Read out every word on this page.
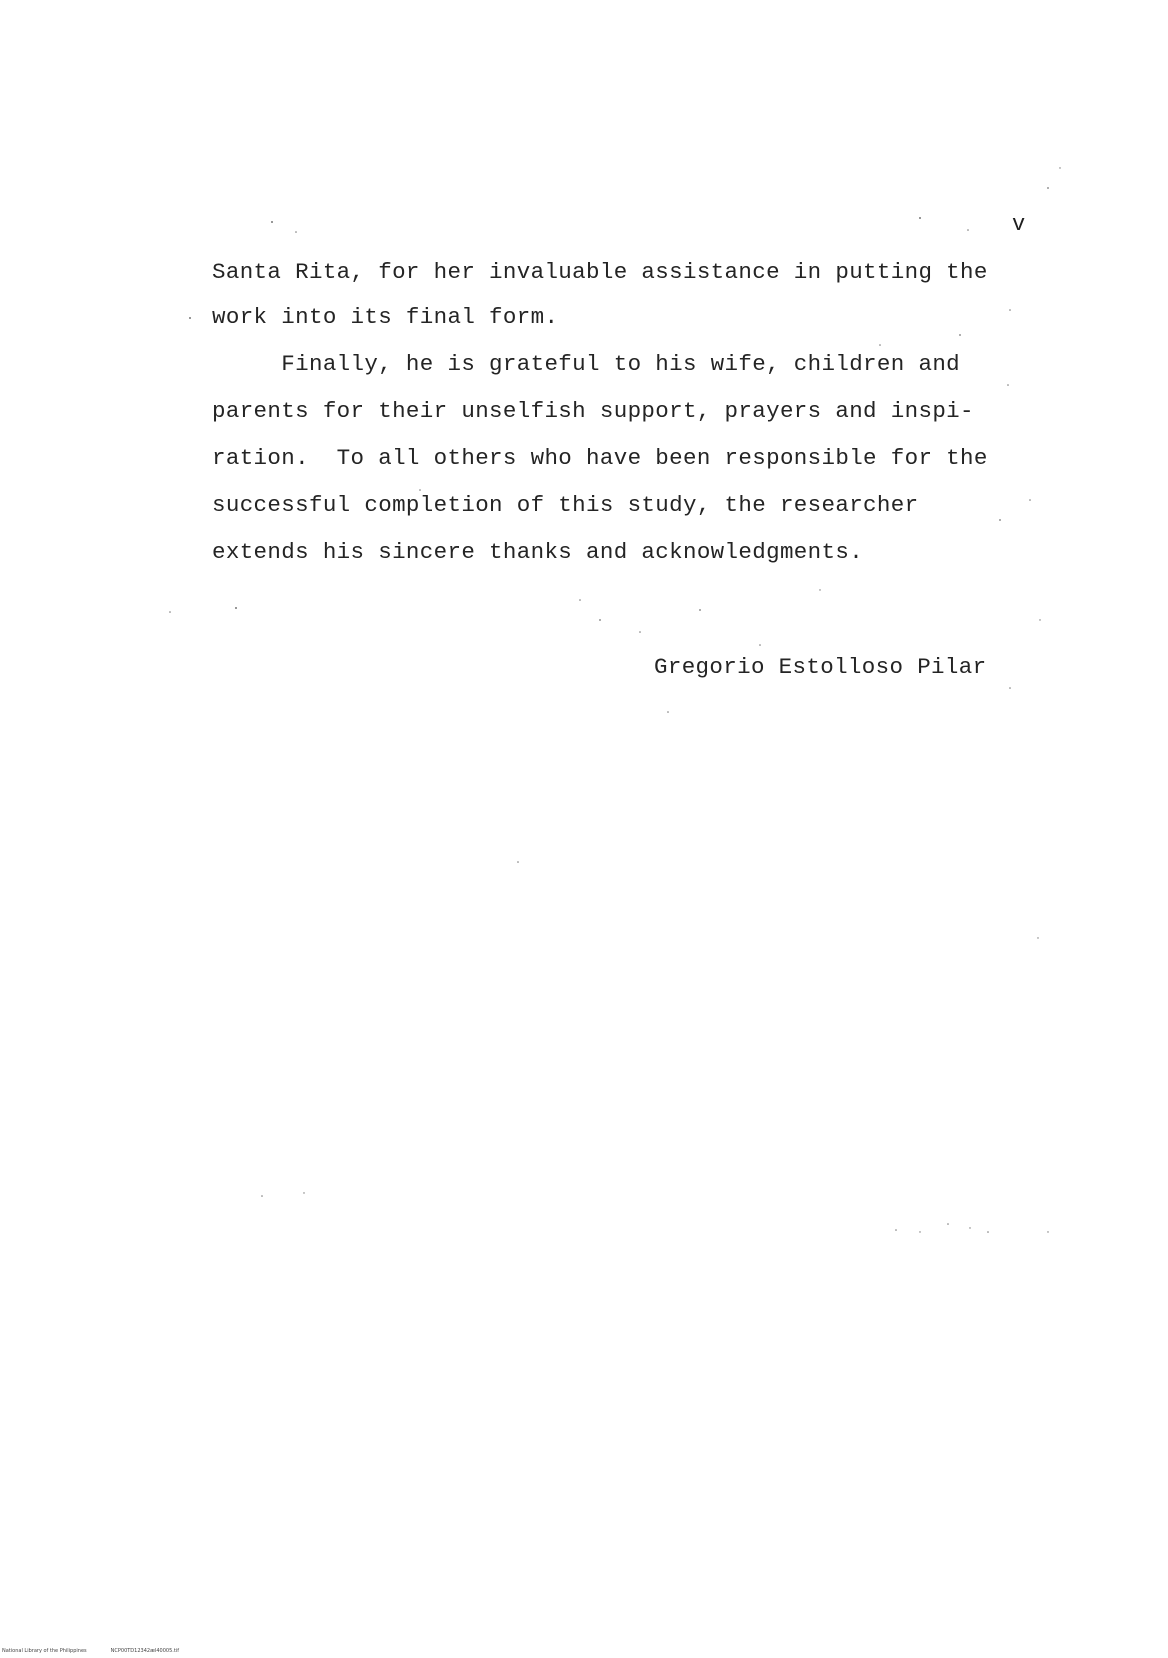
v
Santa Rita, for her invaluable assistance in putting the
work into its final form.
Finally, he is grateful to his wife, children and
parents for their unselfish support, prayers and inspi-
ration.  To all others who have been responsible for the
successful completion of this study, the researcher
extends his sincere thanks and acknowledgments.
Gregorio Estolloso Pilar
National Library of the Philippines	NCP00TD12342æl40005.tif
